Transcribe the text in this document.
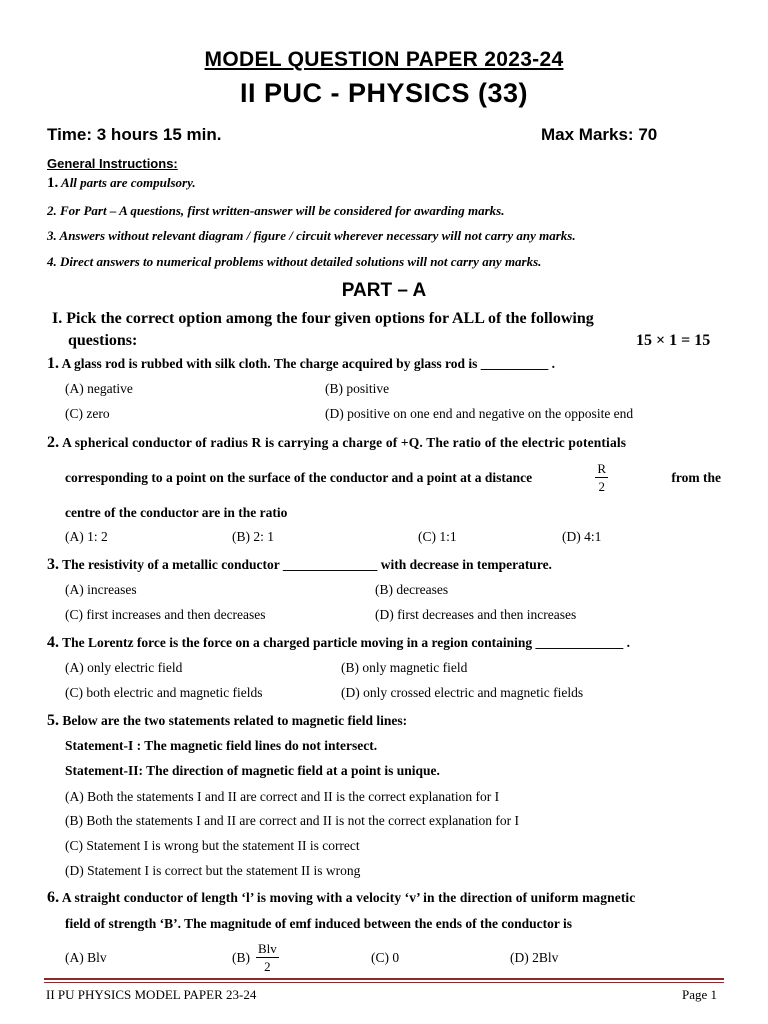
MODEL QUESTION PAPER 2023-24
II PUC - PHYSICS (33)
Time: 3 hours 15 min.	Max Marks: 70
General Instructions:
1. All parts are compulsory.
2. For Part – A questions, first written-answer will be considered for awarding marks.
3. Answers without relevant diagram / figure / circuit wherever necessary will not carry any marks.
4. Direct answers to numerical problems without detailed solutions will not carry any marks.
PART – A
I. Pick the correct option among the four given options for ALL of the following
questions:	15 × 1 = 15
1. A glass rod is rubbed with silk cloth. The charge acquired by glass rod is __________ .
(A) negative	(B) positive
(C) zero	(D) positive on one end and negative on the opposite end
2. A spherical conductor of radius R is carrying a charge of +Q. The ratio of the electric potentials
corresponding to a point on the surface of the conductor and a point at a distance	$\frac{R}{2}$	from the
centre of the conductor are in the ratio
(A) 1: 2	(B) 2: 1	(C) 1:1	(D) 4:1
3. The resistivity of a metallic conductor ______________ with decrease in temperature.
(A) increases	(B) decreases
(C) first increases and then decreases	(D) first decreases and then increases
4. The Lorentz force is the force on a charged particle moving in a region containing _____________ .
(A) only electric field	(B) only magnetic field
(C) both electric and magnetic fields	(D) only crossed electric and magnetic fields
5. Below are the two statements related to magnetic field lines:
Statement-I : The magnetic field lines do not intersect.
Statement-II: The direction of magnetic field at a point is unique.
(A) Both the statements I and II are correct and II is the correct explanation for I
(B) Both the statements I and II are correct and II is not the correct explanation for I
(C) Statement I is wrong but the statement II is correct
(D) Statement I is correct but the statement II is wrong
6. A straight conductor of length ‘l’ is moving with a velocity ‘v’ in the direction of uniform magnetic
field of strength ‘B’. The magnitude of emf induced between the ends of the conductor is
(A) Blv	$(B) \frac{\text{Blv}}{2}$	(C) 0	(D) 2Blv
II PU PHYSICS MODEL PAPER 23-24	Page 1
